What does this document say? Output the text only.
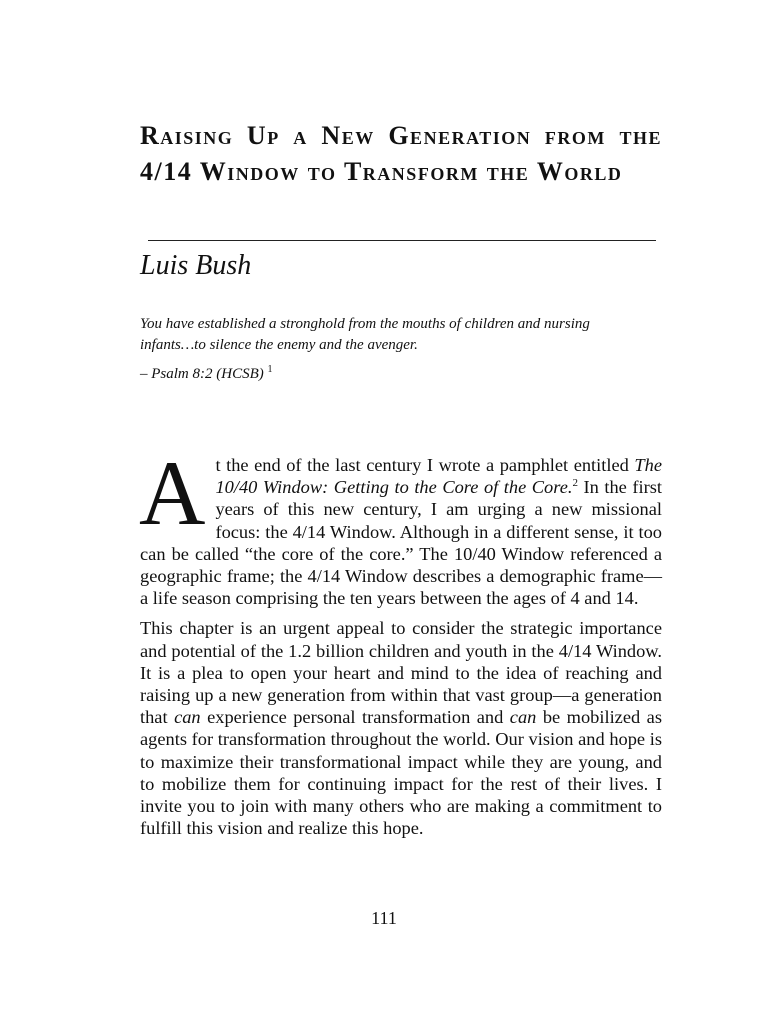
Raising Up a New Generation from the 4/14 Window to Transform the World

Luis Bush

You have established a stronghold from the mouths of children and nursing infants…to silence the enemy and the avenger.

– Psalm 8:2 (HCSB) $^1$

At the end of the last century I wrote a pamphlet entitled The 10/40 Window: Getting to the Core of the Core.$^2$ In the first years of this new century, I am urging a new missional focus: the 4/14 Window. Although in a different sense, it too can be called “the core of the core.” The 10/40 Window referenced a geographic frame; the 4/14 Window describes a demographic frame—a life season comprising the ten years between the ages of 4 and 14.

This chapter is an urgent appeal to consider the strategic importance and potential of the 1.2 billion children and youth in the 4/14 Window. It is a plea to open your heart and mind to the idea of reaching and raising up a new generation from within that vast group—a generation that can experience personal transformation and can be mobilized as agents for transformation throughout the world. Our vision and hope is to maximize their transformational impact while they are young, and to mobilize them for continuing impact for the rest of their lives. I invite you to join with many others who are making a commitment to fulfill this vision and realize this hope.

111
